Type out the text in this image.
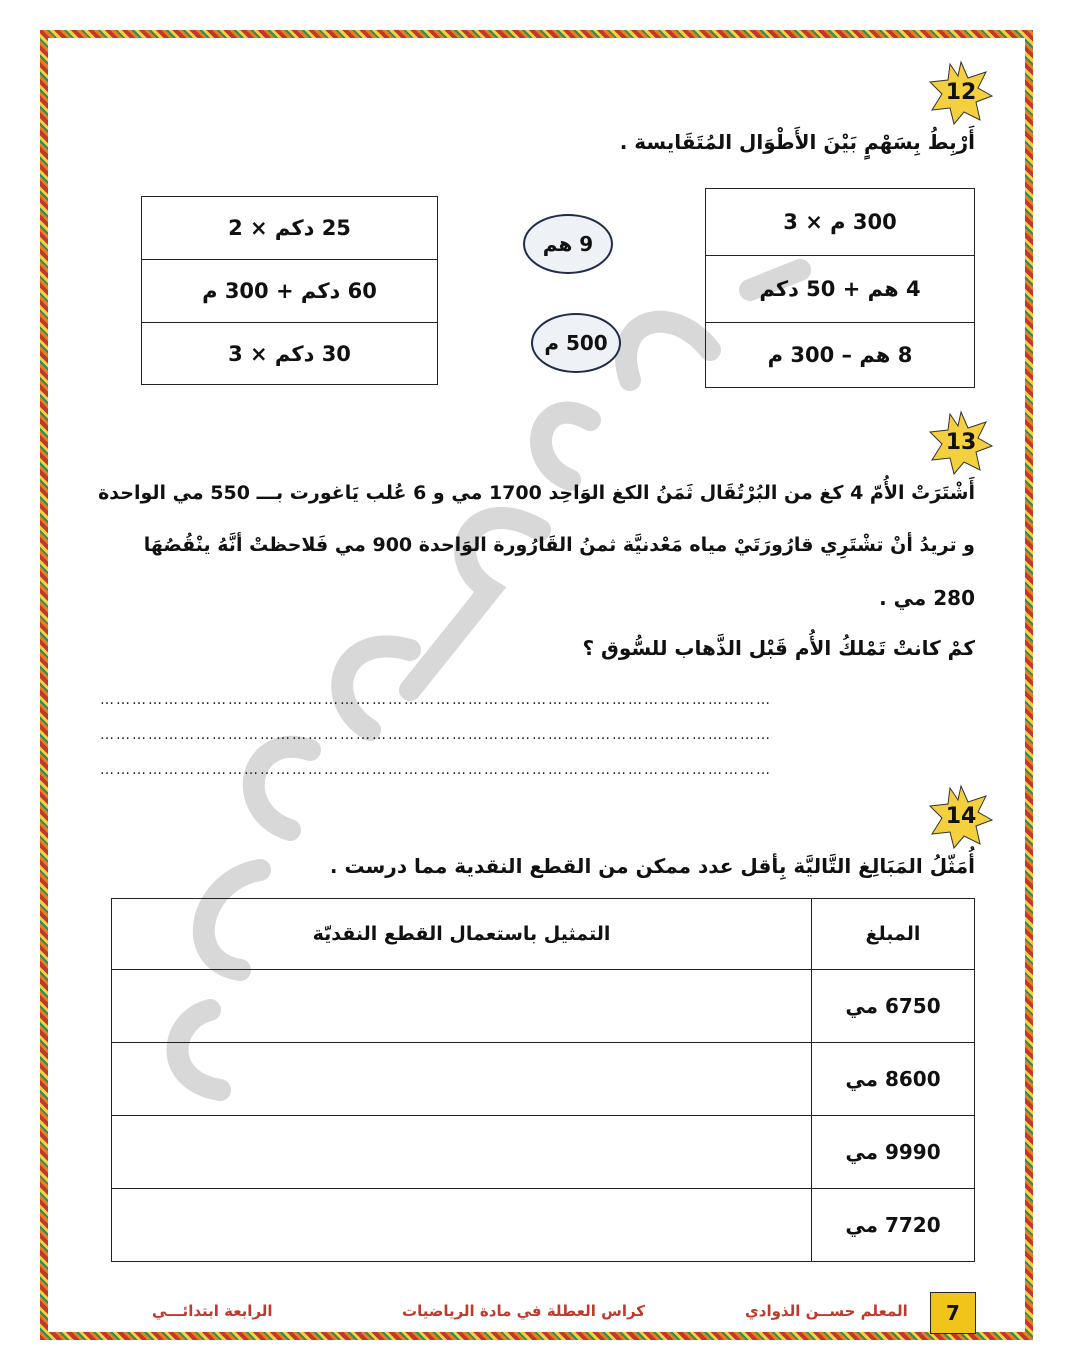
12
أَرْبِطُ بِسَهْمٍ بَيْنَ الأَطْوَال المُتَقَايسة .
300 م × 3
4 هم + 50 دكم
8 هم – 300 م
25 دكم × 2
60 دكم + 300 م
30 دكم × 3
9 هم
500 م
13
أَشْتَرَتْ الأُمّ 4 كغ من البُرْتُقَال ثَمَنُ الكغ الوَاحِد 1700 مي و 6 عُلب يَاغورت بـــ 550 مي الواحدة
و تريدُ أنْ تشْتَرِي قارُورَتَيْ مياه مَعْدنيَّة ثمنُ القَارُورة الوَاحدة 900 مي فَلاحظتْ أنَّهُ ينْقُصُهَا
280 مي .
كمْ كانتْ تَمْلكُ الأُم قَبْل الذَّهاب للسُّوق ؟
………………………………………………………………………………………………………………
………………………………………………………………………………………………………………
………………………………………………………………………………………………………………
14
أُمَثّلُ المَبَالِغ التَّاليَّة بِأقل عدد ممكن من القطع النقدية مما درست .
المبلغ	التمثيل باستعمال القطع النقديّة
6750 مي	
8600 مي	
9990 مي	
7720 مي	
7
المعلم حســن الذوادي
كراس العطلة في مادة الرياضيات
الرابعة ابتدائـــي
